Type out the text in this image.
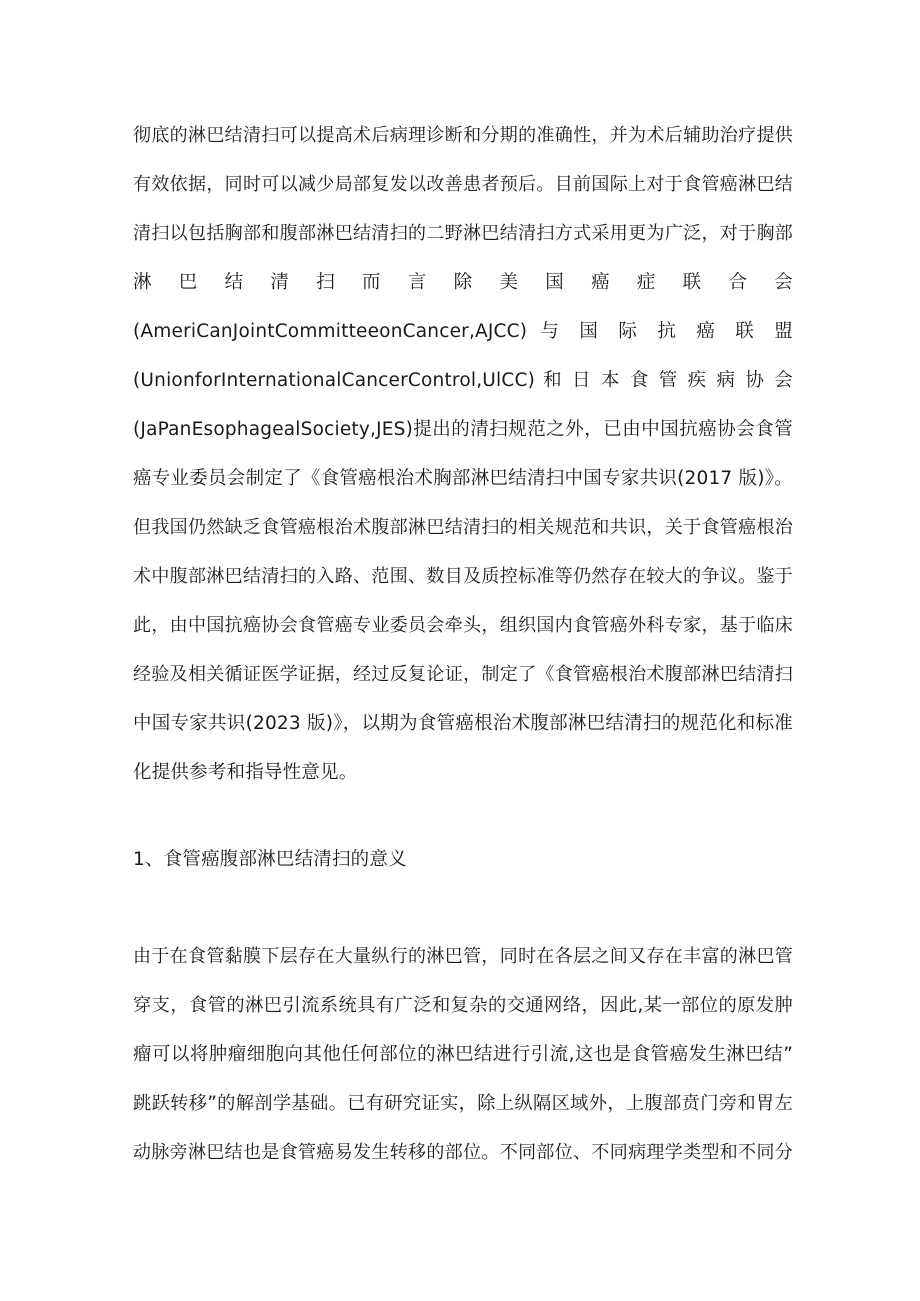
彻底的淋巴结清扫可以提高术后病理诊断和分期的准确性，并为术后辅助治疗提供
有效依据，同时可以减少局部复发以改善患者预后。目前国际上对于食管癌淋巴结
清扫以包括胸部和腹部淋巴结清扫的二野淋巴结清扫方式采用更为广泛，对于胸部
淋 巴 结 清 扫 而 言 除 美 国 癌 症 联 合 会
(AmeriCanJointCommitteeonCancer,AJCC) 与 国 际 抗 癌 联 盟
(UnionforInternationalCancerControl,UlCC) 和 日 本 食 管 疾 病 协 会
(JaPanEsophagealSociety,JES)提出的清扫规范之外，已由中国抗癌协会食管
癌专业委员会制定了《食管癌根治术胸部淋巴结清扫中国专家共识(2017 版)》。
但我国仍然缺乏食管癌根治术腹部淋巴结清扫的相关规范和共识，关于食管癌根治
术中腹部淋巴结清扫的入路、范围、数目及质控标准等仍然存在较大的争议。鉴于
此，由中国抗癌协会食管癌专业委员会牵头，组织国内食管癌外科专家，基于临床
经验及相关循证医学证据，经过反复论证，制定了《食管癌根治术腹部淋巴结清扫
中国专家共识(2023 版)》，以期为食管癌根治术腹部淋巴结清扫的规范化和标准
化提供参考和指导性意见。
1、食管癌腹部淋巴结清扫的意义
由于在食管黏膜下层存在大量纵行的淋巴管，同时在各层之间又存在丰富的淋巴管
穿支，食管的淋巴引流系统具有广泛和复杂的交通网络，因此,某一部位的原发肿
瘤可以将肿瘤细胞向其他任何部位的淋巴结进行引流,这也是食管癌发生淋巴结”
跳跃转移”的解剖学基础。已有研究证实，除上纵隔区域外，上腹部贲门旁和胃左
动脉旁淋巴结也是食管癌易发生转移的部位。不同部位、不同病理学类型和不同分
